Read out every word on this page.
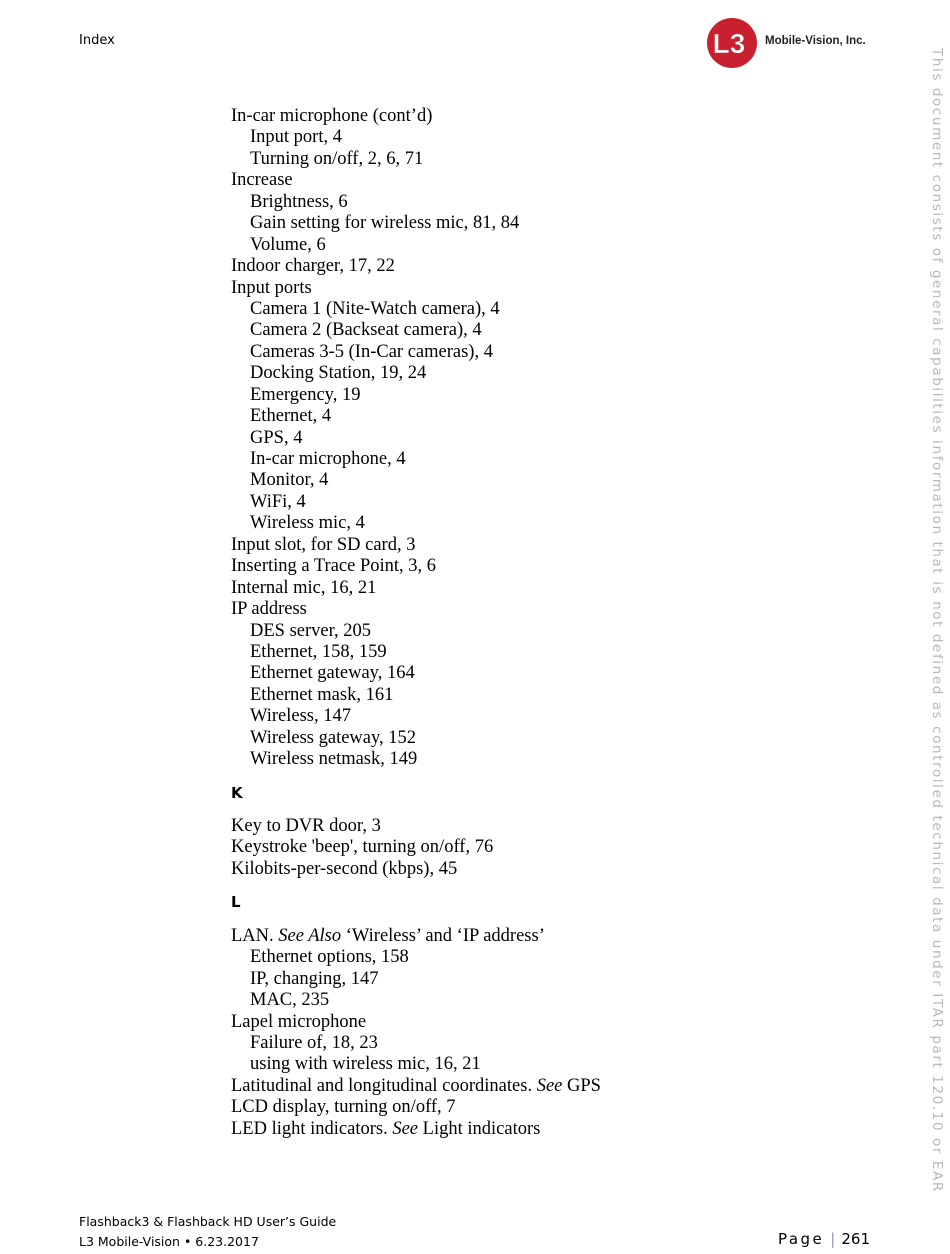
Index	L3 Mobile-Vision, Inc.
This document consists of general capabilities information that is not defined as controlled technical data under ITAR part 120.10 or EAR
In-car microphone (cont’d)
Input port, 4
Turning on/off, 2, 6, 71
Increase
Brightness, 6
Gain setting for wireless mic, 81, 84
Volume, 6
Indoor charger, 17, 22
Input ports
Camera 1 (Nite-Watch camera), 4
Camera 2 (Backseat camera), 4
Cameras 3-5 (In-Car cameras), 4
Docking Station, 19, 24
Emergency, 19
Ethernet, 4
GPS, 4
In-car microphone, 4
Monitor, 4
WiFi, 4
Wireless mic, 4
Input slot, for SD card, 3
Inserting a Trace Point, 3, 6
Internal mic, 16, 21
IP address
DES server, 205
Ethernet, 158, 159
Ethernet gateway, 164
Ethernet mask, 161
Wireless, 147
Wireless gateway, 152
Wireless netmask, 149
K
Key to DVR door, 3
Keystroke 'beep', turning on/off, 76
Kilobits-per-second (kbps), 45
L
LAN. See Also ‘Wireless’ and ‘IP address’
Ethernet options, 158
IP, changing, 147
MAC, 235
Lapel microphone
Failure of, 18, 23
using with wireless mic, 16, 21
Latitudinal and longitudinal coordinates. See GPS
LCD display, turning on/off, 7
LED light indicators. See Light indicators
Flashback3 & Flashback HD User’s Guide
L3 Mobile-Vision • 6.23.2017	Page | 261
